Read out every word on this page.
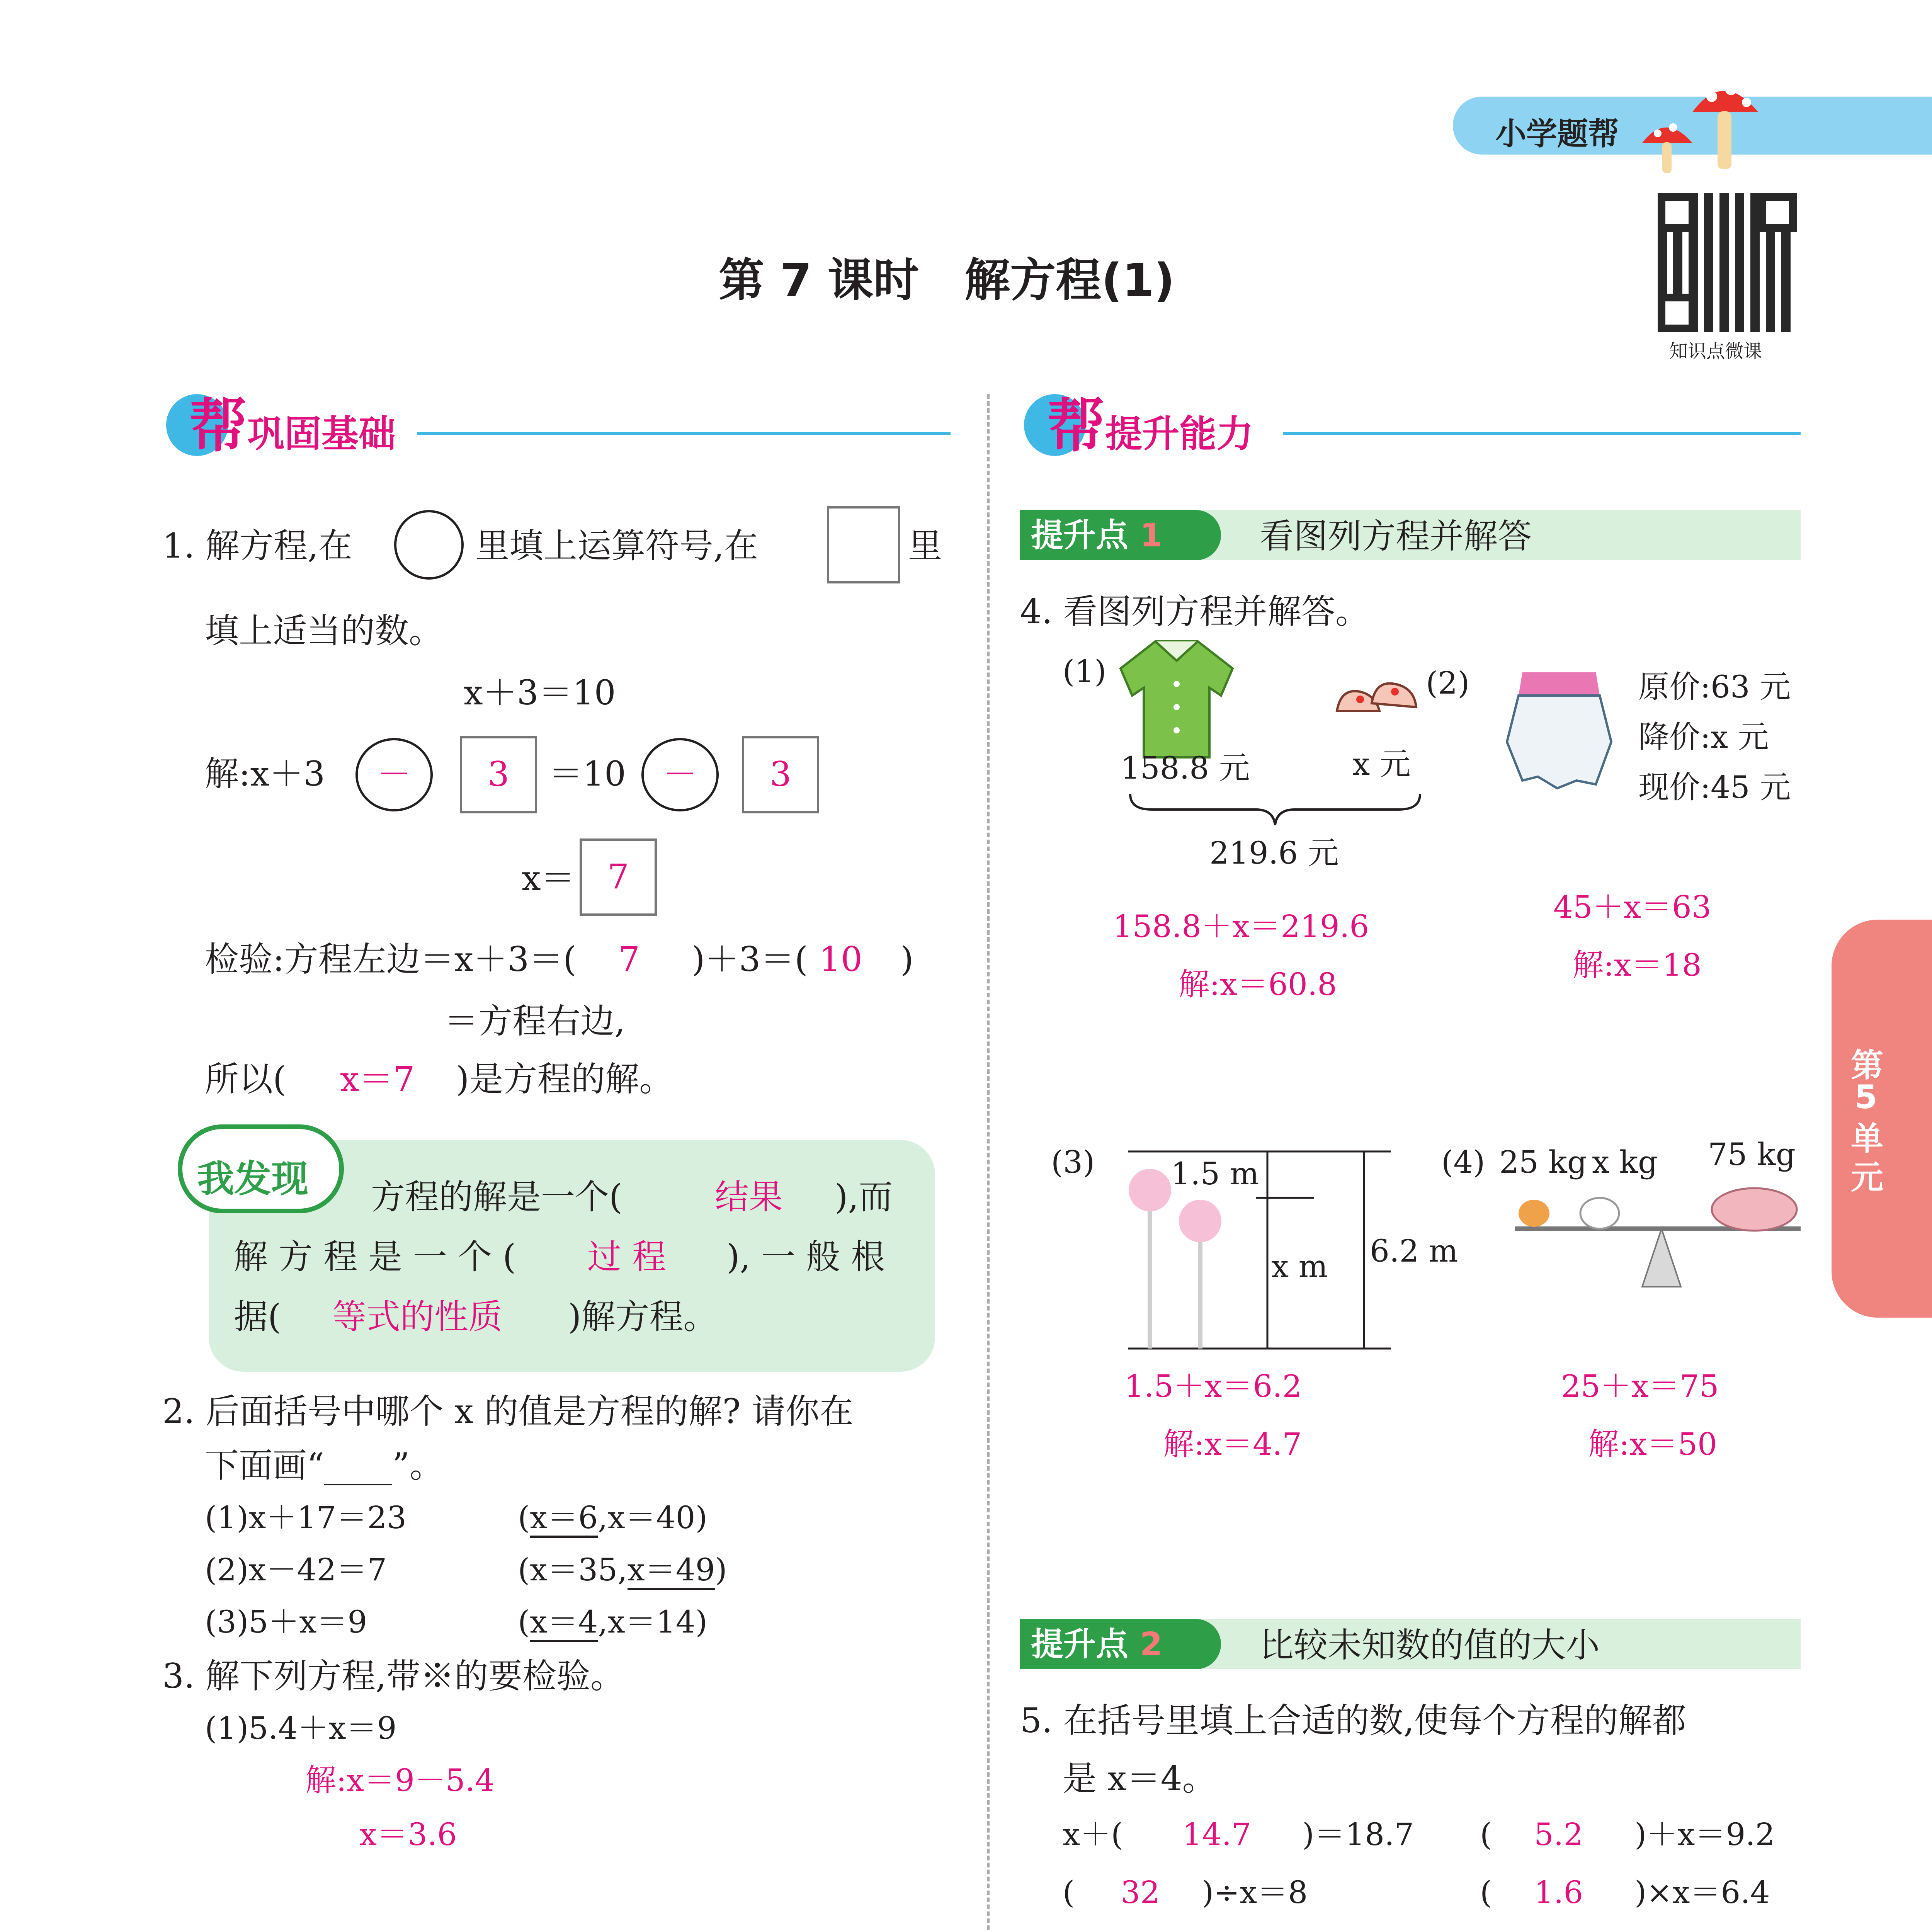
小学题帮
第 7 课时　解方程(1)
知识点微课
第
5
单
元
帮 巩固基础
1. 解方程,在	里填上运算符号,在	里
填上适当的数。
x＋3＝10
解:x＋3	－	3	＝10	－	3
x＝ 7
检验:方程左边＝x＋3＝( 7 )＋3＝( 10 )
＝方程右边,
所以( x＝7 )是方程的解。
我发现 方程的解是一个(	结果 ),而
解 方 程 是 一 个 ( 过 程 ), 一 般 根
据( 等式的性质 )解方程。
2. 后面括号中哪个 x 的值是方程的解? 请你在
下面画“____”。
(1)x＋17＝23	(x＝6,x＝40)
(2)x－42＝7	(x＝35,x＝49)
(3)5＋x＝9	(x＝4,x＝14)
3. 解下列方程,带※的要检验。
(1)5.4＋x＝9
解:x＝9－5.4
x＝3.6
帮 提升能力
提升点 1	看图列方程并解答
4. 看图列方程并解答。
(1)	(2)
158.8 元	x 元
219.6 元
原价:63 元
降价:x 元
现价:45 元
158.8＋x＝219.6
解:x＝60.8
45＋x＝63
解:x＝18
(3) 1.5 m
x m 6.2 m
(4) 25 kg x kg 75 kg
1.5＋x＝6.2
解:x＝4.7
25＋x＝75
解:x＝50
提升点 2	比较未知数的值的大小
5. 在括号里填上合适的数,使每个方程的解都
是 x＝4。
x＋( 14.7 )＝18.7 ( 5.2 )＋x＝9.2
( 32 )÷x＝8	( 1.6 )×x＝6.4
